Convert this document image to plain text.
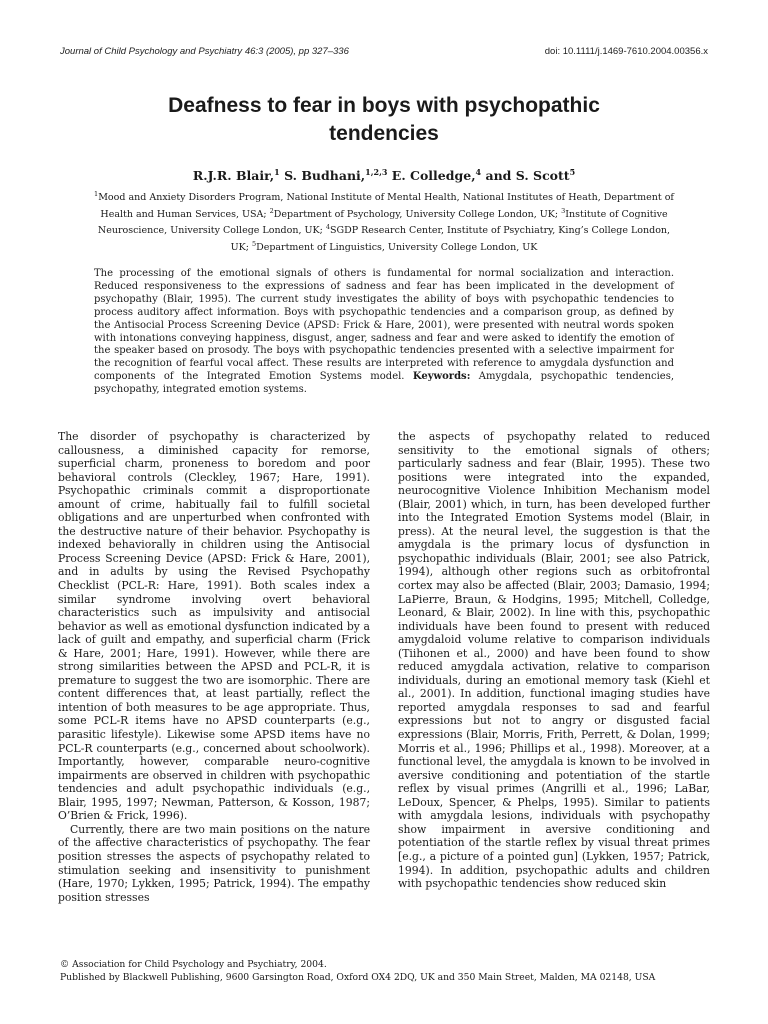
Journal of Child Psychology and Psychiatry 46:3 (2005), pp 327–336	doi: 10.1111/j.1469-7610.2004.00356.x
Deafness to fear in boys with psychopathic
tendencies
R.J.R. Blair,$^1$ S. Budhani,$^{1,2,3}$ E. Colledge,$^4$ and S. Scott$^5$
$^1$Mood and Anxiety Disorders Program, National Institute of Mental Health, National Institutes of Heath, Department of Health and Human Services, USA; $^2$Department of Psychology, University College London, UK; $^3$Institute of Cognitive Neuroscience, University College London, UK; $^4$SGDP Research Center, Institute of Psychiatry, King’s College London, UK; $^5$Department of Linguistics, University College London, UK
The processing of the emotional signals of others is fundamental for normal socialization and interaction. Reduced responsiveness to the expressions of sadness and fear has been implicated in the development of psychopathy (Blair, 1995). The current study investigates the ability of boys with psychopathic tendencies to process auditory affect information. Boys with psychopathic tendencies and a comparison group, as defined by the Antisocial Process Screening Device (APSD: Frick & Hare, 2001), were presented with neutral words spoken with intonations conveying happiness, disgust, anger, sadness and fear and were asked to identify the emotion of the speaker based on prosody. The boys with psychopathic tendencies presented with a selective impairment for the recognition of fearful vocal affect. These results are interpreted with reference to amygdala dysfunction and components of the Integrated Emotion Systems model. Keywords: Amygdala, psychopathic tendencies, psychopathy, integrated emotion systems.

The disorder of psychopathy is characterized by callousness, a diminished capacity for remorse, superficial charm, proneness to boredom and poor behavioral controls (Cleckley, 1967; Hare, 1991). Psychopathic criminals commit a disproportionate amount of crime, habitually fail to fulfill societal obligations and are unperturbed when confronted with the destructive nature of their behavior. Psychopathy is indexed behaviorally in children using the Antisocial Process Screening Device (APSD: Frick & Hare, 2001), and in adults by using the Revised Psychopathy Checklist (PCL-R: Hare, 1991). Both scales index a similar syndrome involving overt behavioral characteristics such as impulsivity and antisocial behavior as well as emotional dysfunction indicated by a lack of guilt and empathy, and superficial charm (Frick & Hare, 2001; Hare, 1991). However, while there are strong similarities between the APSD and PCL-R, it is premature to suggest the two are isomorphic. There are content differences that, at least partially, reflect the intention of both measures to be age appropriate. Thus, some PCL-R items have no APSD counterparts (e.g., parasitic lifestyle). Likewise some APSD items have no PCL-R counterparts (e.g., concerned about schoolwork). Importantly, however, comparable neuro-cognitive impairments are observed in children with psychopathic tendencies and adult psychopathic individuals (e.g., Blair, 1995, 1997; Newman, Patterson, & Kosson, 1987; O’Brien & Frick, 1996).

Currently, there are two main positions on the nature of the affective characteristics of psychopathy. The fear position stresses the aspects of psychopathy related to stimulation seeking and insensitivity to punishment (Hare, 1970; Lykken, 1995; Patrick, 1994). The empathy position stresses

the aspects of psychopathy related to reduced sensitivity to the emotional signals of others; particularly sadness and fear (Blair, 1995). These two positions were integrated into the expanded, neurocognitive Violence Inhibition Mechanism model (Blair, 2001) which, in turn, has been developed further into the Integrated Emotion Systems model (Blair, in press). At the neural level, the suggestion is that the amygdala is the primary locus of dysfunction in psychopathic individuals (Blair, 2001; see also Patrick, 1994), although other regions such as orbitofrontal cortex may also be affected (Blair, 2003; Damasio, 1994; LaPierre, Braun, & Hodgins, 1995; Mitchell, Colledge, Leonard, & Blair, 2002). In line with this, psychopathic individuals have been found to present with reduced amygdaloid volume relative to comparison individuals (Tiihonen et al., 2000) and have been found to show reduced amygdala activation, relative to comparison individuals, during an emotional memory task (Kiehl et al., 2001). In addition, functional imaging studies have reported amygdala responses to sad and fearful expressions but not to angry or disgusted facial expressions (Blair, Morris, Frith, Perrett, & Dolan, 1999; Morris et al., 1996; Phillips et al., 1998). Moreover, at a functional level, the amygdala is known to be involved in aversive conditioning and potentiation of the startle reflex by visual primes (Angrilli et al., 1996; LaBar, LeDoux, Spencer, & Phelps, 1995). Similar to patients with amygdala lesions, individuals with psychopathy show impairment in aversive conditioning and potentiation of the startle reflex by visual threat primes [e.g., a picture of a pointed gun] (Lykken, 1957; Patrick, 1994). In addition, psychopathic adults and children with psychopathic tendencies show reduced skin

© Association for Child Psychology and Psychiatry, 2004.
Published by Blackwell Publishing, 9600 Garsington Road, Oxford OX4 2DQ, UK and 350 Main Street, Malden, MA 02148, USA
